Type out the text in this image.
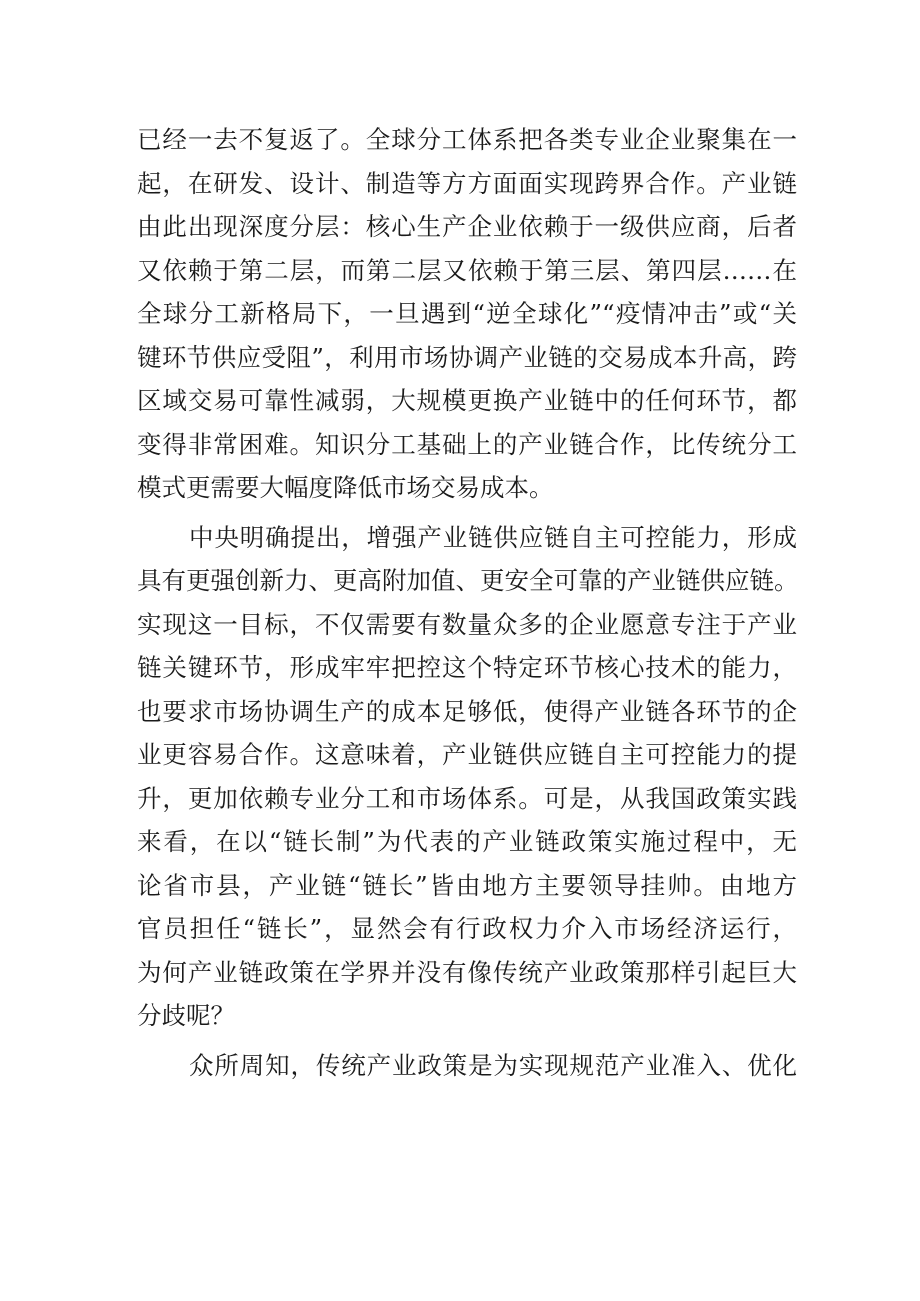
已经一去不复返了。全球分工体系把各类专业企业聚集在一
起，在研发、设计、制造等方方面面实现跨界合作。产业链
由此出现深度分层：核心生产企业依赖于一级供应商，后者
又依赖于第二层，而第二层又依赖于第三层、第四层……在
全球分工新格局下，一旦遇到“逆全球化”“疫情冲击”或“关
键环节供应受阻”，利用市场协调产业链的交易成本升高，跨
区域交易可靠性减弱，大规模更换产业链中的任何环节，都
变得非常困难。知识分工基础上的产业链合作，比传统分工
模式更需要大幅度降低市场交易成本。
中央明确提出，增强产业链供应链自主可控能力，形成
具有更强创新力、更高附加值、更安全可靠的产业链供应链。
实现这一目标，不仅需要有数量众多的企业愿意专注于产业
链关键环节，形成牢牢把控这个特定环节核心技术的能力，
也要求市场协调生产的成本足够低，使得产业链各环节的企
业更容易合作。这意味着，产业链供应链自主可控能力的提
升，更加依赖专业分工和市场体系。可是，从我国政策实践
来看，在以“链长制”为代表的产业链政策实施过程中，无
论省市县，产业链“链长”皆由地方主要领导挂帅。由地方
官员担任“链长”，显然会有行政权力介入市场经济运行，
为何产业链政策在学界并没有像传统产业政策那样引起巨大
分歧呢？
众所周知，传统产业政策是为实现规范产业准入、优化
